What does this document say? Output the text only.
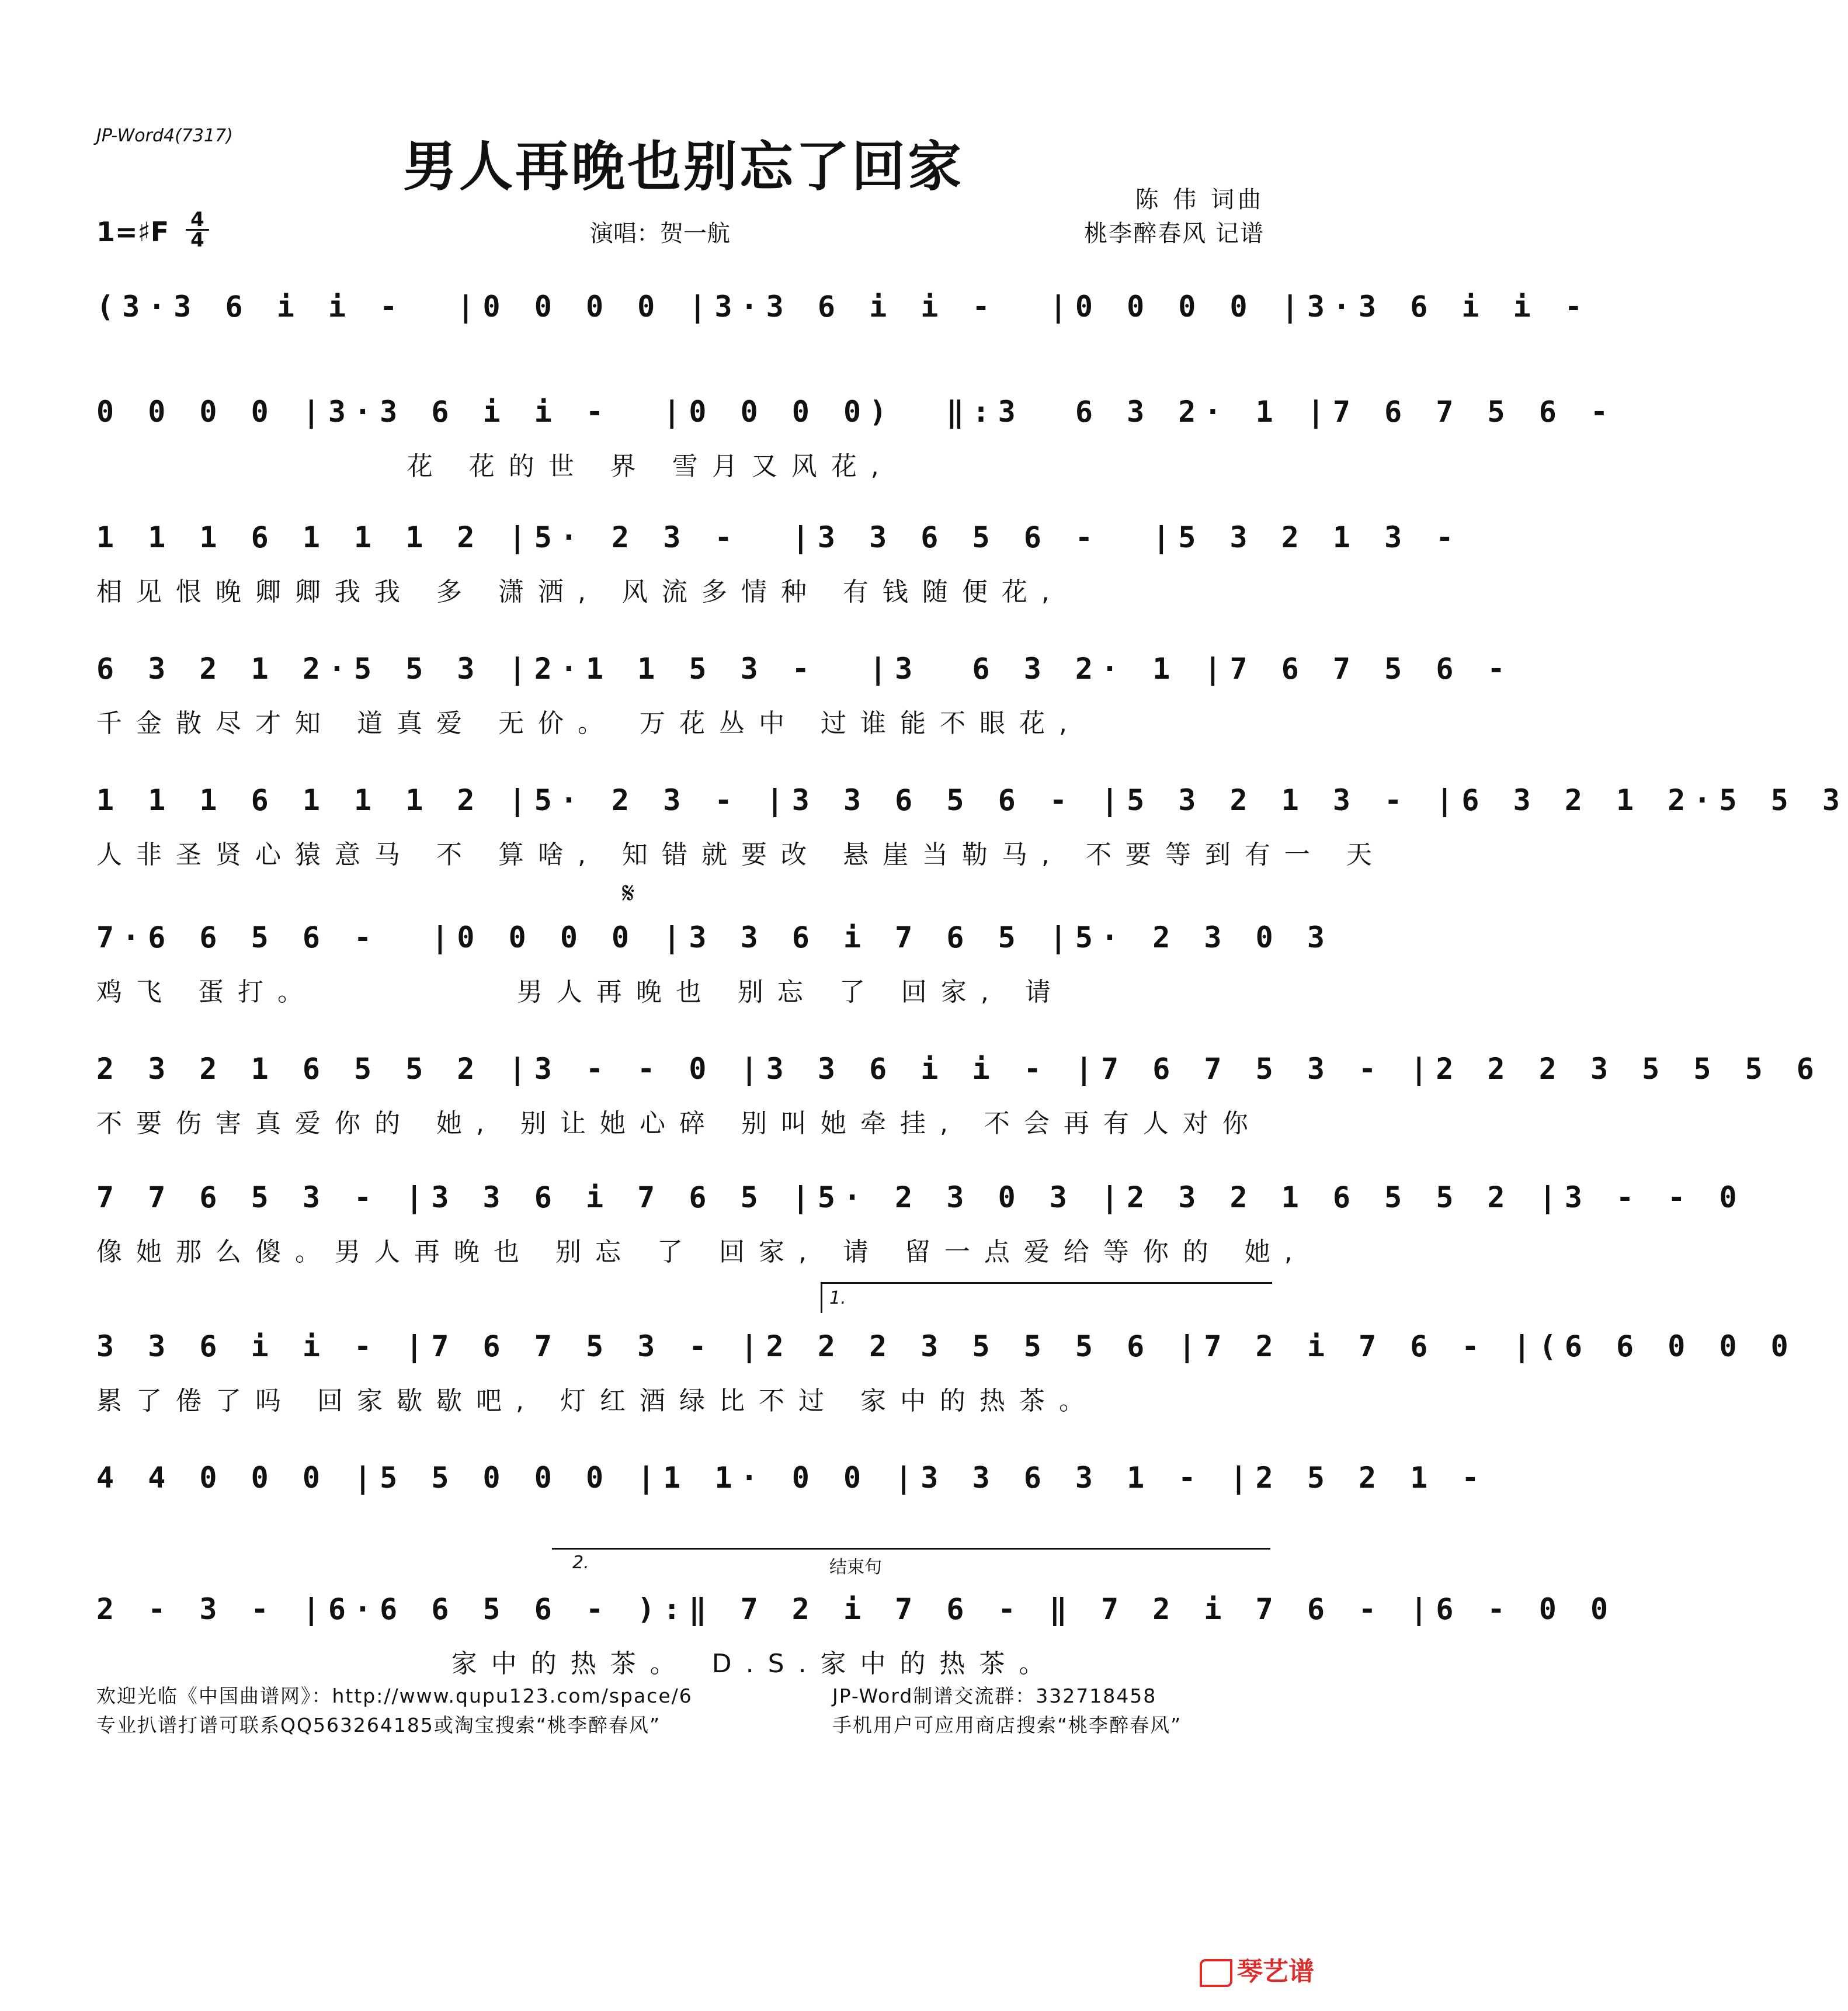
JP-Word4(7317)	男人再晚也别忘了回家
陈 伟 词曲
桃李醉春风 记谱
演唱：贺一航
1=♯F 4
4
(3·3 6 i i -  |0 0 0 0 |3·3 6 i i -  |0 0 0 0 |3·3 6 i i -
0 0 0 0 |3·3 6 i i -  |0 0 0 0)  ‖:3  6 3 2· 1 |7 6 7 5 6 -
花 花的世 界 雪月又风花,
1 1 1 6 1 1 1 2 |5· 2 3 -  |3 3 6 5 6 -  |5 3 2 1 3 -
相见恨晚卿卿我我 多 潇洒, 风流多情种 有钱随便花,
6 3 2 1 2·5 5 3 |2·1 1 5 3 -  |3  6 3 2· 1 |7 6 7 5 6 -
千金散尽才知 道真爱 无价。 万花丛中 过谁能不眼花,
1 1 1 6 1 1 1 2 |5· 2 3 - |3 3 6 5 6 - |5 3 2 1 3 - |6 3 2 1 2·5 5 3
人非圣贤心猿意马 不 算啥, 知错就要改 悬崖当勒马, 不要等到有一 天
𝄋
7·6 6 5 6 -  |0 0 0 0 |3 3 6 i 7 6 5 |5· 2 3 0 3
鸡飞 蛋打。         男人再晚也 别忘 了 回家, 请
2 3 2 1 6 5 5 2 |3 - - 0 |3 3 6 i i - |7 6 7 5 3 - |2 2 2 3 5 5 5 6
不要伤害真爱你的 她, 别让她心碎 别叫她牵挂, 不会再有人对你
7 7 6 5 3 - |3 3 6 i 7 6 5 |5· 2 3 0 3 |2 3 2 1 6 5 5 2 |3 - - 0
像她那么傻。男人再晚也 别忘 了 回家, 请 留一点爱给等你的 她,
1.
3 3 6 i i - |7 6 7 5 3 - |2 2 2 3 5 5 5 6 |7 2 i 7 6 - |(6 6 0 0 0
累了倦了吗 回家歇歇吧, 灯红酒绿比不过 家中的热茶。
4 4 0 0 0 |5 5 0 0 0 |1 1· 0 0 |3 3 6 3 1 - |2 5 2 1 -
2.	结束句
2 - 3 - |6·6 6 5 6 - ):‖ 7 2 i 7 6 - ‖ 7 2 i 7 6 - |6 - 0 0
家中的热茶。 D.S.家中的热茶。
欢迎光临《中国曲谱网》：http://www.qupu123.com/space/6	JP-Word制谱交流群：332718458
专业扒谱打谱可联系QQ563264185或淘宝搜索“桃李醉春风”	手机用户可应用商店搜索“桃李醉春风”
琴艺谱
